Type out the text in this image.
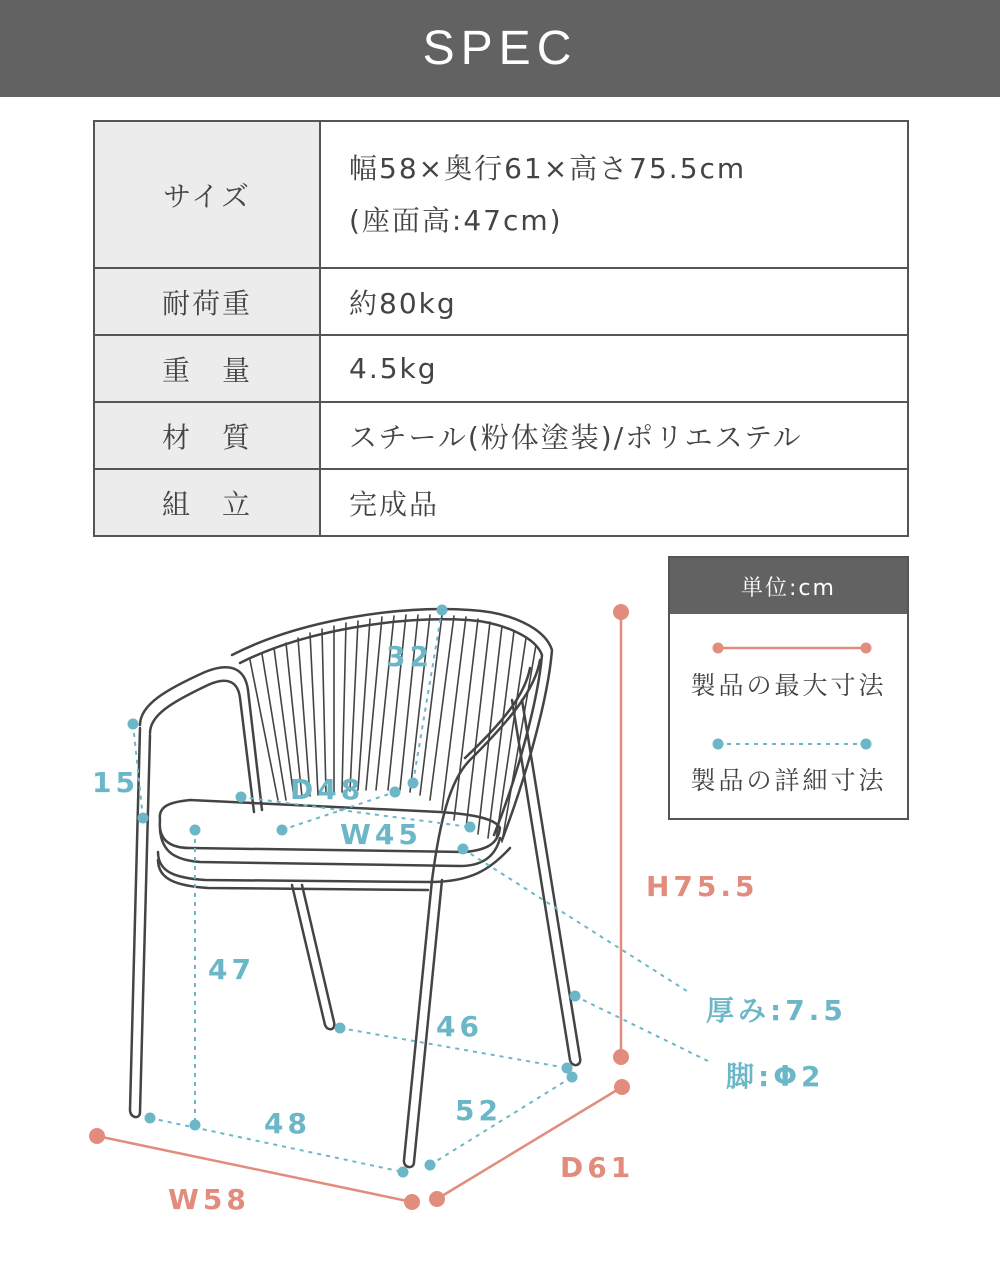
SPEC
サイズ	幅58×奥行61×高さ75.5cm
(座面高:47cm)

耐荷重	約80kg
重　量	4.5kg
材　質	スチール(粉体塗装)/ポリエステル
組　立	完成品
32
15	D48
W45
47
46
48	52
H75.5
W58
D61
厚み:7.5
脚:Φ2
単位:cm
製品の最大寸法
製品の詳細寸法
